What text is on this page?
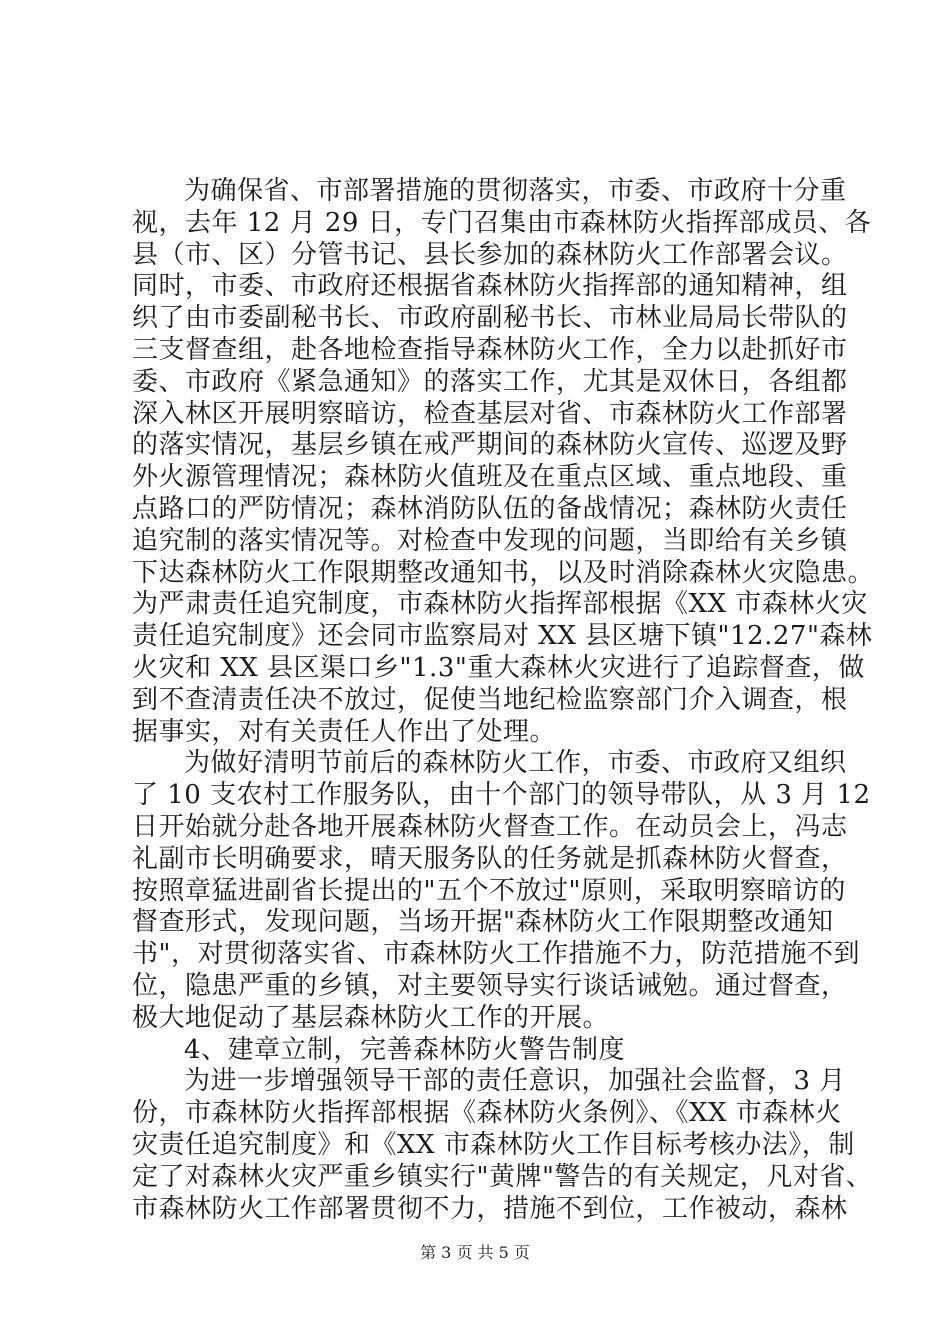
为确保省、市部署措施的贯彻落实，市委、市政府十分重
视，去年 12 月 29 日，专门召集由市森林防火指挥部成员、各
县（市、区）分管书记、县长参加的森林防火工作部署会议。
同时，市委、市政府还根据省森林防火指挥部的通知精神，组
织了由市委副秘书长、市政府副秘书长、市林业局局长带队的
三支督查组，赴各地检查指导森林防火工作，全力以赴抓好市
委、市政府《紧急通知》的落实工作，尤其是双休日，各组都
深入林区开展明察暗访，检查基层对省、市森林防火工作部署
的落实情况，基层乡镇在戒严期间的森林防火宣传、巡逻及野
外火源管理情况；森林防火值班及在重点区域、重点地段、重
点路口的严防情况；森林消防队伍的备战情况；森林防火责任
追究制的落实情况等。对检查中发现的问题，当即给有关乡镇
下达森林防火工作限期整改通知书，以及时消除森林火灾隐患。
为严肃责任追究制度，市森林防火指挥部根据《XX 市森林火灾
责任追究制度》还会同市监察局对 XX 县区塘下镇"12.27"森林
火灾和 XX 县区渠口乡"1.3"重大森林火灾进行了追踪督查，做
到不查清责任决不放过，促使当地纪检监察部门介入调查，根
据事实，对有关责任人作出了处理。
为做好清明节前后的森林防火工作，市委、市政府又组织
了 10 支农村工作服务队，由十个部门的领导带队，从 3 月 12
日开始就分赴各地开展森林防火督查工作。在动员会上，冯志
礼副市长明确要求，晴天服务队的任务就是抓森林防火督查，
按照章猛进副省长提出的"五个不放过"原则，采取明察暗访的
督查形式，发现问题，当场开据"森林防火工作限期整改通知
书"，对贯彻落实省、市森林防火工作措施不力，防范措施不到
位，隐患严重的乡镇，对主要领导实行谈话诫勉。通过督查，
极大地促动了基层森林防火工作的开展。
4、建章立制，完善森林防火警告制度
为进一步增强领导干部的责任意识，加强社会监督，3 月
份，市森林防火指挥部根据《森林防火条例》、《XX 市森林火
灾责任追究制度》和《XX 市森林防火工作目标考核办法》，制
定了对森林火灾严重乡镇实行"黄牌"警告的有关规定，凡对省、
市森林防火工作部署贯彻不力，措施不到位，工作被动，森林
第 3 页 共 5 页
